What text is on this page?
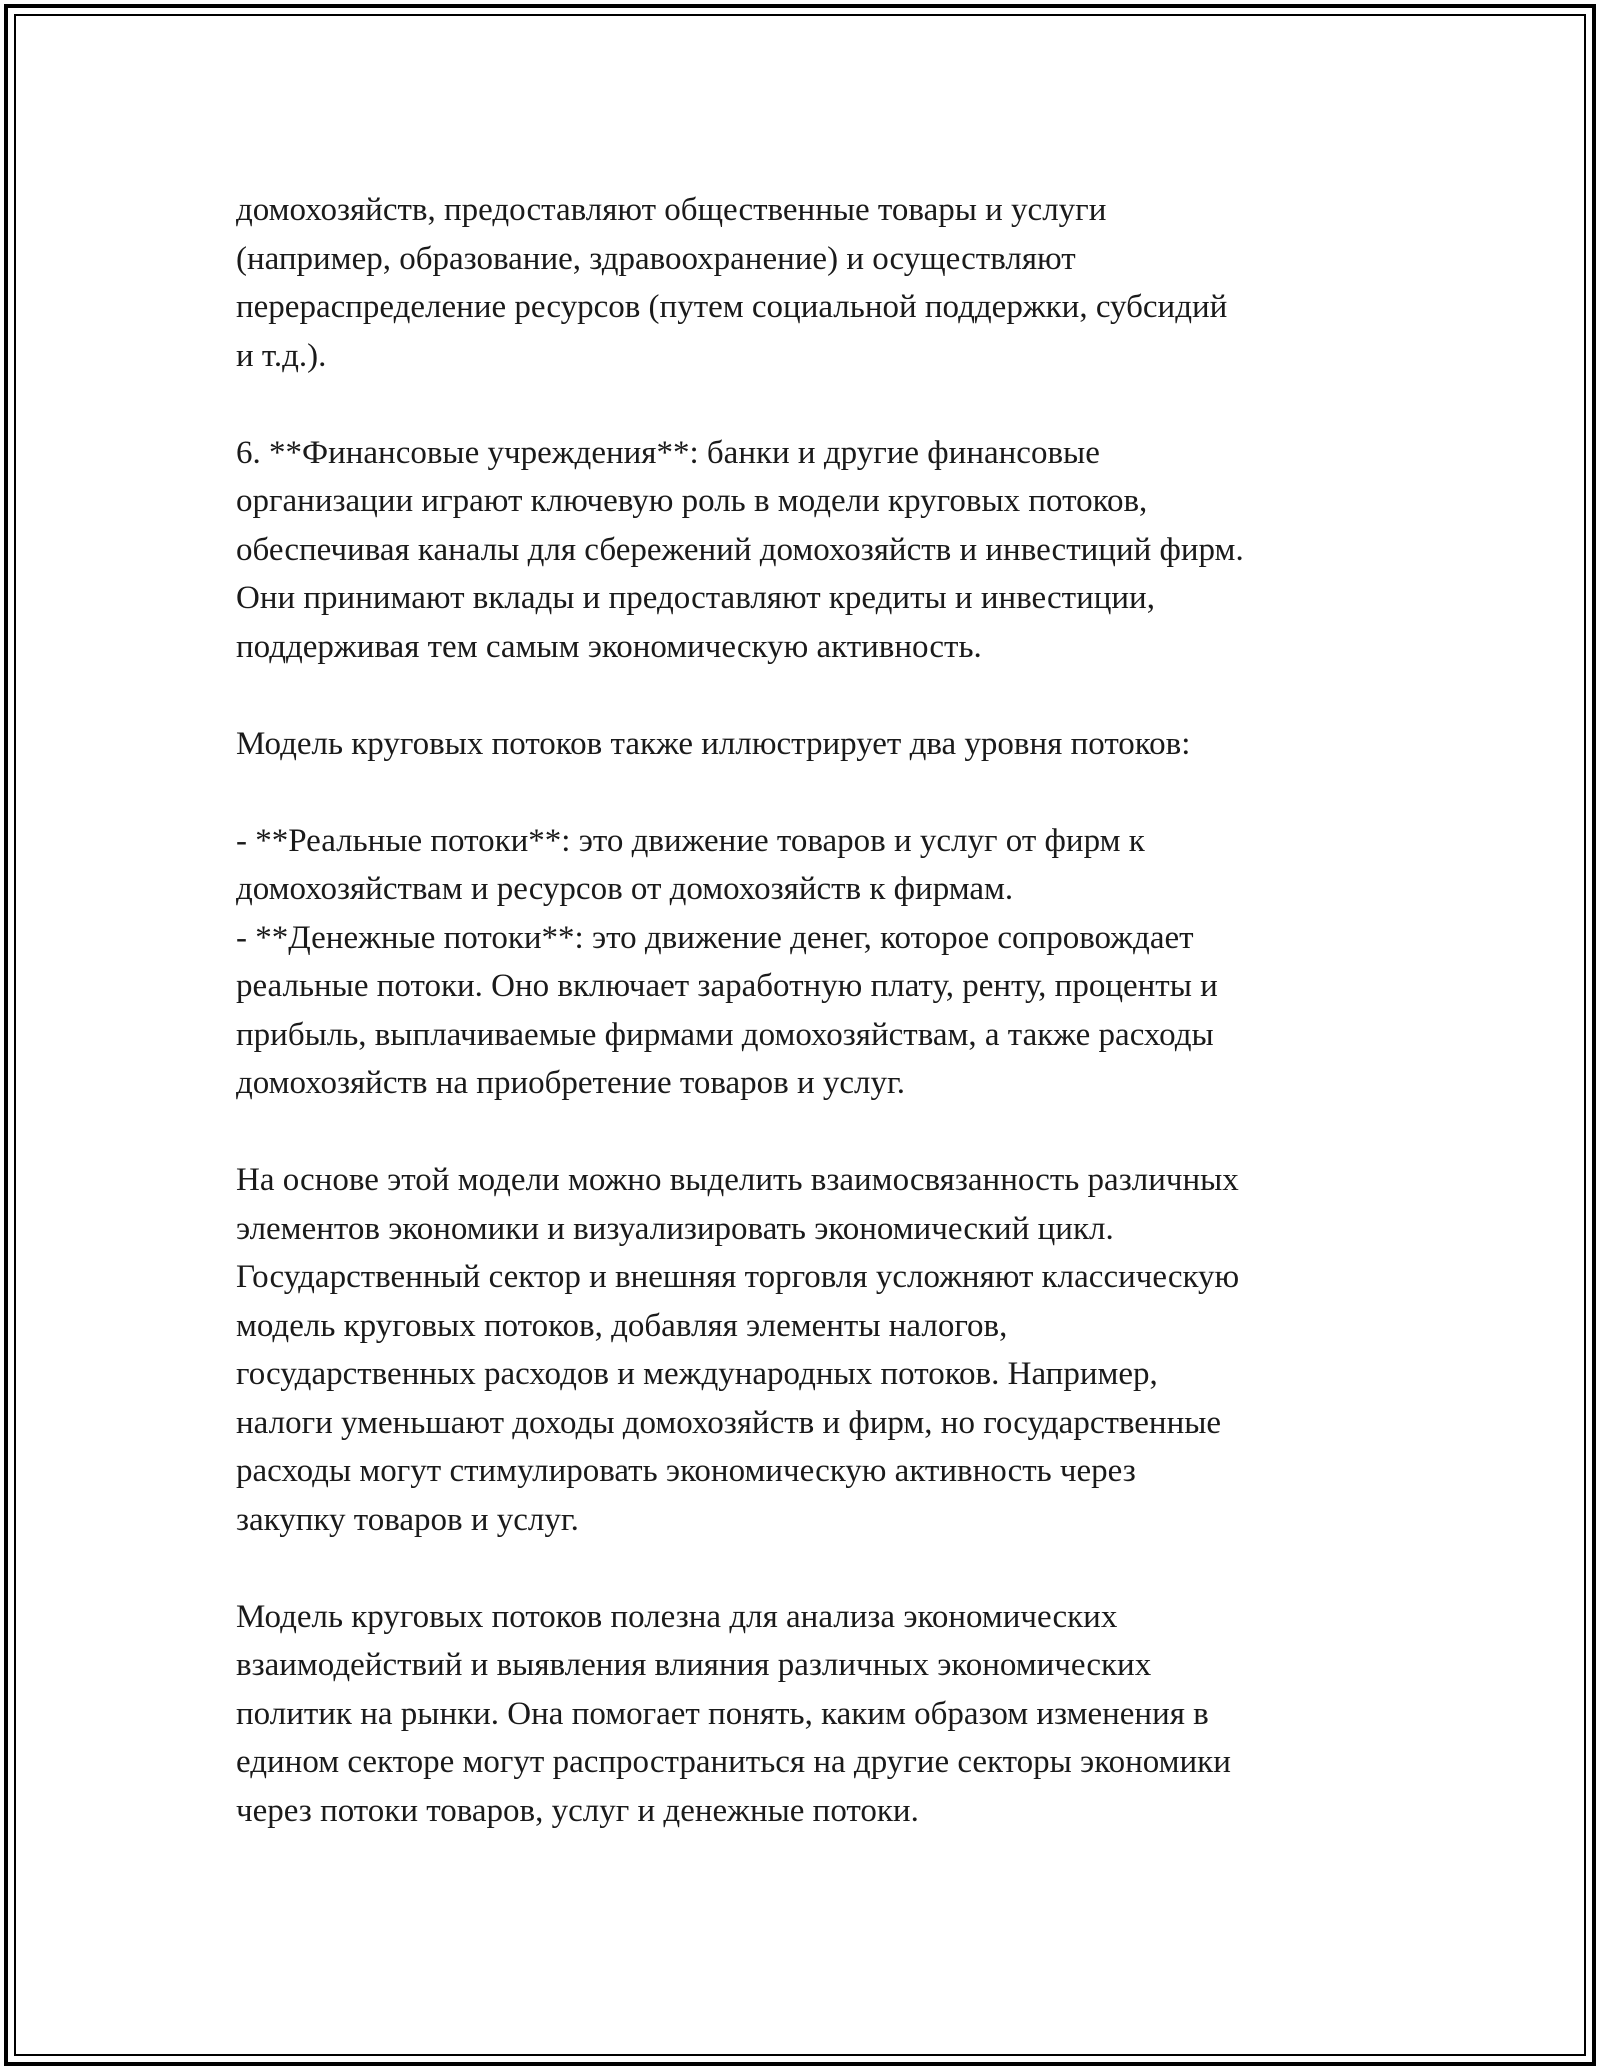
домохозяйств, предоставляют общественные товары и услуги
(например, образование, здравоохранение) и осуществляют
перераспределение ресурсов (путем социальной поддержки, субсидий
и т.д.).
6. **Финансовые учреждения**: банки и другие финансовые
организации играют ключевую роль в модели круговых потоков,
обеспечивая каналы для сбережений домохозяйств и инвестиций фирм.
Они принимают вклады и предоставляют кредиты и инвестиции,
поддерживая тем самым экономическую активность.
Модель круговых потоков также иллюстрирует два уровня потоков:
- **Реальные потоки**: это движение товаров и услуг от фирм к
домохозяйствам и ресурсов от домохозяйств к фирмам.
- **Денежные потоки**: это движение денег, которое сопровождает
реальные потоки. Оно включает заработную плату, ренту, проценты и
прибыль, выплачиваемые фирмами домохозяйствам, а также расходы
домохозяйств на приобретение товаров и услуг.
На основе этой модели можно выделить взаимосвязанность различных
элементов экономики и визуализировать экономический цикл.
Государственный сектор и внешняя торговля усложняют классическую
модель круговых потоков, добавляя элементы налогов,
государственных расходов и международных потоков. Например,
налоги уменьшают доходы домохозяйств и фирм, но государственные
расходы могут стимулировать экономическую активность через
закупку товаров и услуг.
Модель круговых потоков полезна для анализа экономических
взаимодействий и выявления влияния различных экономических
политик на рынки. Она помогает понять, каким образом изменения в
едином секторе могут распространиться на другие секторы экономики
через потоки товаров, услуг и денежные потоки.
